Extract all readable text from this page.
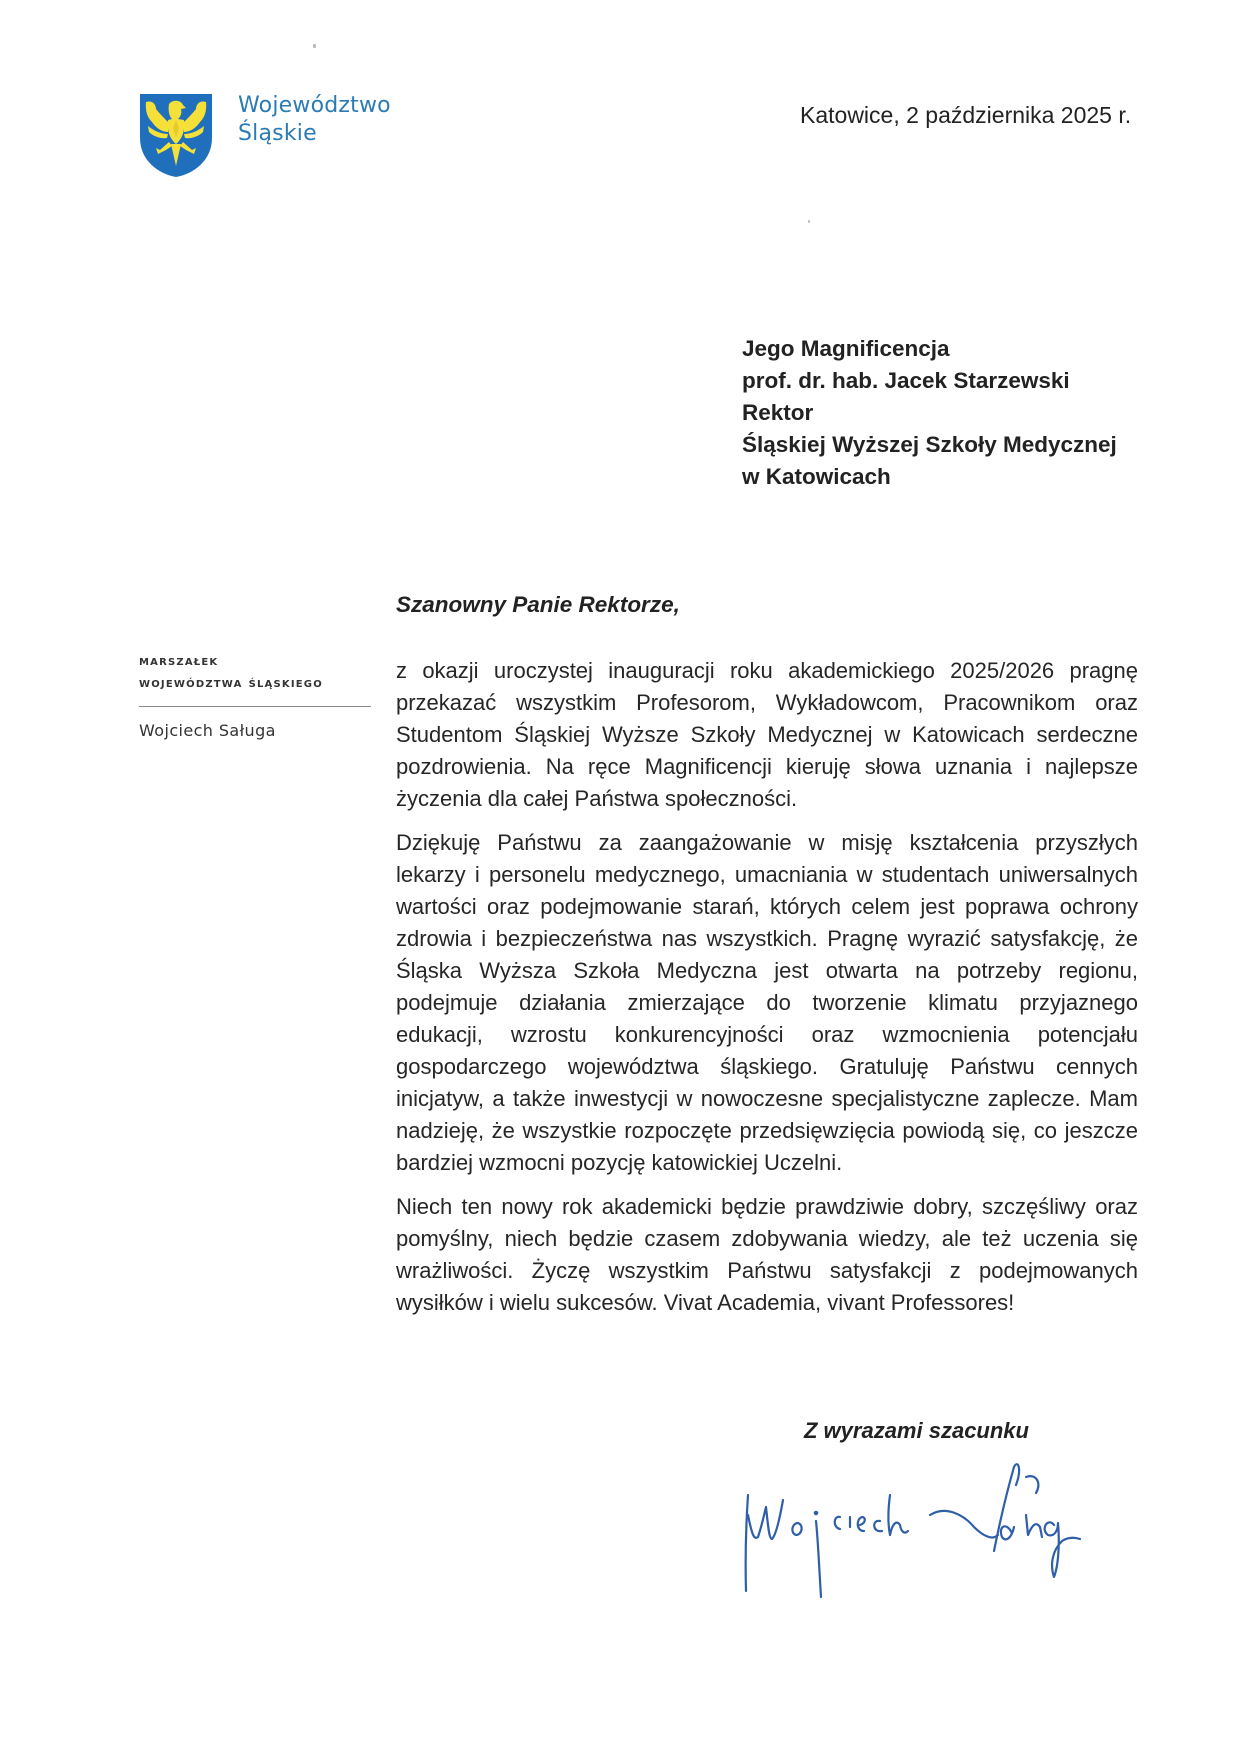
Województwo
Śląskie
Katowice, 2 października 2025 r.
Jego Magnificencja
prof. dr. hab. Jacek Starzewski
Rektor
Śląskiej Wyższej Szkoły Medycznej
w Katowicach
Szanowny Panie Rektorze,
marszałek
województwa śląskiego
Wojciech Saługa

z okazji uroczystej inauguracji roku akademickiego 2025/2026 pragnę przekazać wszystkim Profesorom, Wykładowcom, Pracownikom oraz Studentom Śląskiej Wyższe Szkoły Medycznej w Katowicach serdeczne pozdrowienia. Na ręce Magnificencji kieruję słowa uznania i najlepsze życzenia dla całej Państwa społeczności.

Dziękuję Państwu za zaangażowanie w misję kształcenia przyszłych lekarzy i personelu medycznego, umacniania w studentach uniwersalnych wartości oraz podejmowanie starań, których celem jest poprawa ochrony zdrowia i bezpieczeństwa nas wszystkich. Pragnę wyrazić satysfakcję, że Śląska Wyższa Szkoła Medyczna jest otwarta na potrzeby regionu, podejmuje działania zmierzające do tworzenie klimatu przyjaznego edukacji, wzrostu konkurencyjności oraz wzmocnienia potencjału gospodarczego województwa śląskiego. Gratuluję Państwu cennych inicjatyw, a także inwestycji w nowoczesne specjalistyczne zaplecze. Mam nadzieję, że wszystkie rozpoczęte przedsięwzięcia powiodą się, co jeszcze bardziej wzmocni pozycję katowickiej Uczelni.

Niech ten nowy rok akademicki będzie prawdziwie dobry, szczęśliwy oraz pomyślny, niech będzie czasem zdobywania wiedzy, ale też uczenia się wrażliwości. Życzę wszystkim Państwu satysfakcji z podejmowanych wysiłków i wielu sukcesów. Vivat Academia, vivant Professores!

Z wyrazami szacunku
